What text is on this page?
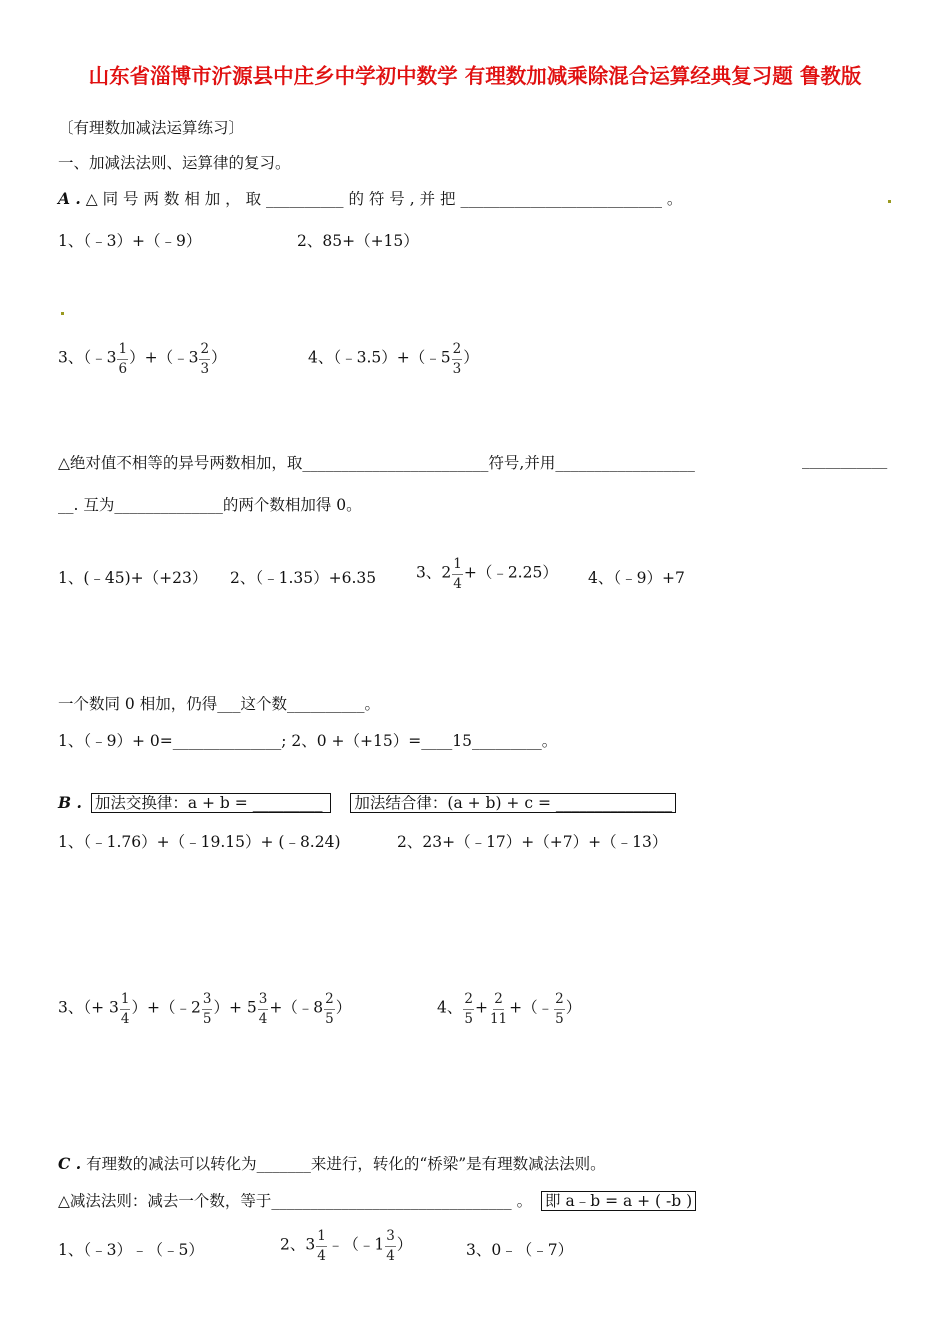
山东省淄博市沂源县中庄乡中学初中数学 有理数加减乘除混合运算经典复习题 鲁教版
〔有理数加减法运算练习〕
一、加减法法则、运算律的复习。
A . △ 同 号 两 数 相 加 ， 取 __________ 的 符 号 , 并 把 __________________________ 。
1、（﹣3）+（﹣9）	2、85+（+15）
3、（﹣3 $\frac{1}{6}$ ）+（﹣3 $\frac{2}{3}$ ）	4、（﹣3.5）+（﹣5 $\frac{2}{3}$ ）
△绝对值不相等的异号两数相加，取________________________符号,并用__________________	___________
__. 互为______________的两个数相加得 0。
1、(﹣45)+（+23） 2、（﹣1.35）+6.35	3、$2 \frac{1}{4}$ +（﹣2.25） 4、（﹣9）+7
一个数同 0 相加，仍得___这个数__________。
1、（﹣9）+ 0=______________; 2、0 +（+15）=____15_________。
B . 加法交换律：a + b = _________ 加法结合律：(a + b) + c = _______________
1、（﹣1.76）+（﹣19.15）+ (﹣8.24)	2、23+（﹣17）+（+7）+（﹣13）
3、（+ $3 \frac{1}{4}$ ）+（﹣2 $\frac{3}{5}$ ）+ $5 \frac{3}{4}$ +（﹣8 $\frac{2}{5}$ ）	4、 $\frac{2}{5} + \frac{2}{11}$ +（﹣ $\frac{2}{5}$ ）
C . 有理数的减法可以转化为_______来进行，转化的“桥梁”是有理数减法法则。
△减法法则：减去一个数，等于_______________________________ 。 即 a﹣b = a + ( -b )
1、（﹣3）﹣（﹣5）	2、$3 \frac{1}{4}$ ﹣（﹣1 $\frac{3}{4}$ ）	3、0﹣（﹣7）
